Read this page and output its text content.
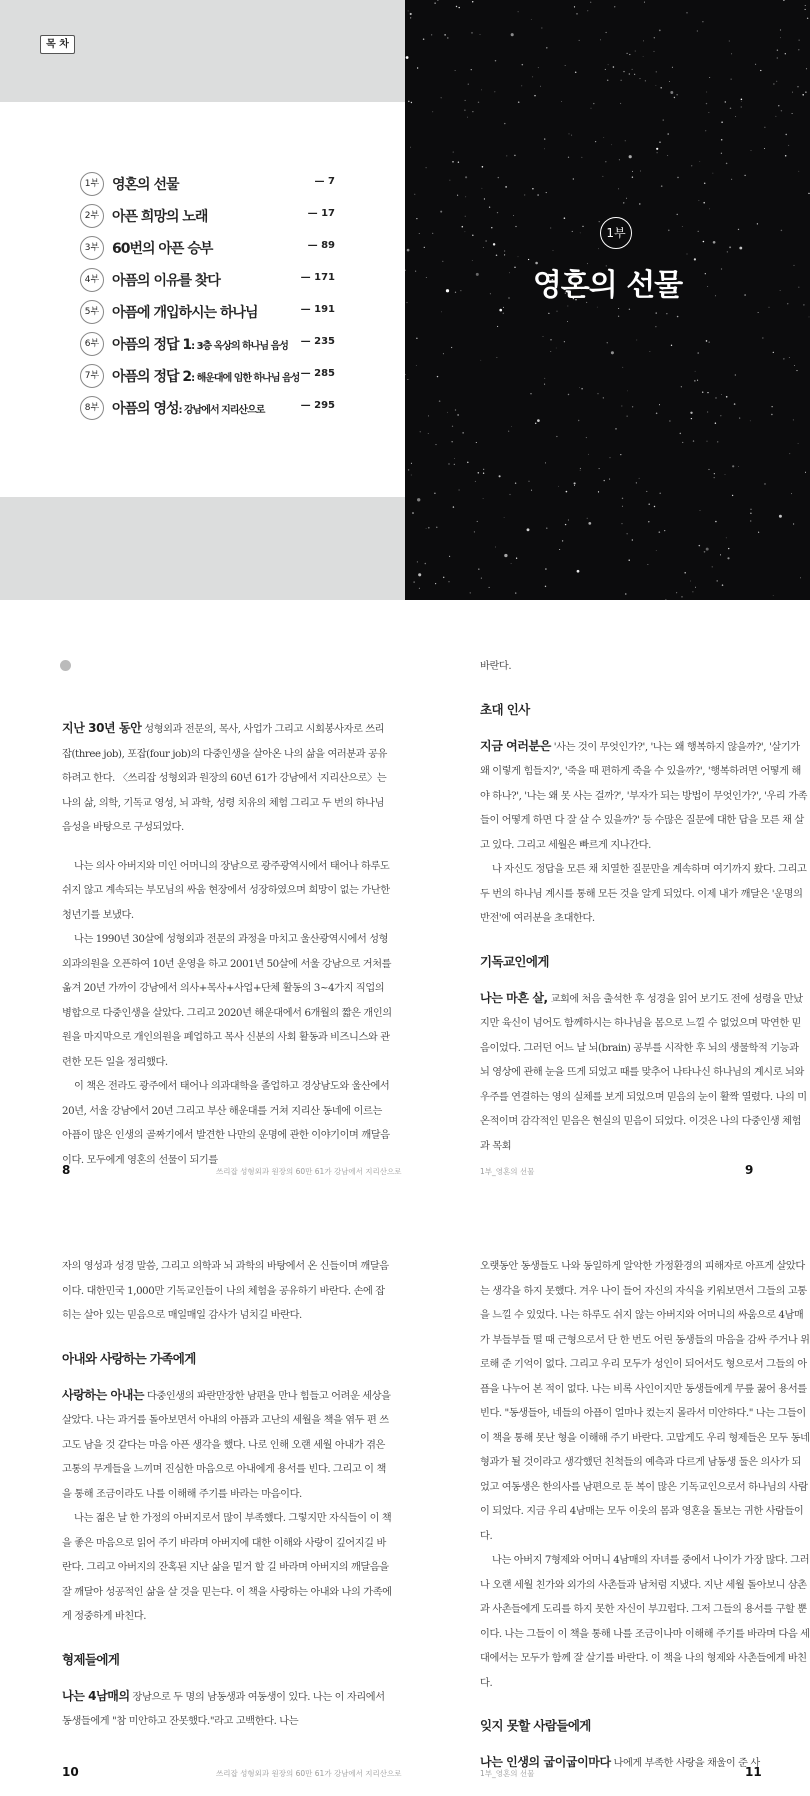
목 차
1부 영혼의 선물	— 7
2부 아픈 희망의 노래	— 17
3부 60번의 아픈 승부	— 89
4부 아픔의 이유를 찾다	— 171
5부 아픔에 개입하시는 하나님	— 191
6부 아픔의 정답 1: 3층 옥상의 하나님 음성 — 235
7부 아픔의 정답 2: 해운대에 임한 하나님 음성 — 285
8부 아픔의 영성: 강남에서 지리산으로	— 295
1부
영혼의 선물

지난 30년 동안 성형외과 전문의, 목사, 사업가 그리고 시회봉사자로 쓰리잡(three job), 포잡(four job)의 다중인생을 살아온 나의 삶을 여러분과 공유하려고 한다. 〈쓰리잡 성형외과 원장의 60년 61가 강남에서 지리산으로〉는 나의 삶, 의학, 기독교 영성, 뇌 과학, 성령 치유의 체험 그리고 두 번의 하나님 음성을 바탕으로 구성되었다.

나는 의사 아버지와 미인 어머니의 장남으로 광주광역시에서 태어나 하루도 쉬지 않고 계속되는 부모님의 싸움 현장에서 성장하였으며 희망이 없는 가난한 청년기를 보냈다.

나는 1990년 30살에 성형외과 전문의 과정을 마치고 울산광역시에서 성형외과의원을 오픈하여 10년 운영을 하고 2001년 50살에 서울 강남으로 거처를 옮겨 20년 가까이 강남에서 의사+목사+사업+단체 활동의 3~4가지 직업의 병합으로 다중인생을 살았다. 그리고 2020년 해운대에서 6개월의 짧은 개인의원을 마지막으로 개인의원을 폐업하고 목사 신분의 사회 활동과 비즈니스와 관련한 모든 일을 정리했다.

이 책은 전라도 광주에서 태어나 의과대학을 졸업하고 경상남도와 울산에서 20년, 서울 강남에서 20년 그리고 부산 해운대를 거쳐 지리산 동네에 이르는 아픔이 많은 인생의 골짜기에서 발견한 나만의 운명에 관한 이야기이며 깨달음이다. 모두에게 영혼의 선물이 되기를

8	쓰리잡 성형외과 원장의 60만 61가 강남에서 지리산으로

바란다.

초대 인사

지금 여러분은 '사는 것이 무엇인가?', '나는 왜 행복하지 않을까?', '살기가 왜 이렇게 힘들지?', '죽을 때 편하게 죽을 수 있을까?', '행복하려면 어떻게 해야 하나?', '나는 왜 못 사는 걸까?', '부자가 되는 방법이 무엇인가?', '우리 가족들이 어떻게 하면 다 잘 살 수 있을까?' 등 수많은 질문에 대한 답을 모른 채 살고 있다. 그리고 세월은 빠르게 지나간다.

나 자신도 정답을 모른 채 치열한 질문만을 계속하며 여기까지 왔다. 그리고 두 번의 하나님 계시를 통해 모든 것을 알게 되었다. 이제 내가 깨달은 '운명의 반전'에 여러분을 초대한다.

기독교인에게

나는 마흔 살, 교회에 처음 출석한 후 성경을 읽어 보기도 전에 성령을 만났지만 육신이 넘어도 함께하시는 하나님을 몸으로 느낄 수 없었으며 막연한 믿음이었다. 그러던 어느 날 뇌(brain) 공부를 시작한 후 뇌의 생물학적 기능과 뇌 영상에 관해 눈을 뜨게 되었고 때를 맞추어 나타나신 하나님의 계시로 뇌와 우주를 연결하는 영의 실체를 보게 되었으며 믿음의 눈이 활짝 열렸다. 나의 미온적이며 감각적인 믿음은 현실의 믿음이 되었다. 이것은 나의 다중인생 체험과 목회

1부_영혼의 선물	9

자의 영성과 성경 말씀, 그리고 의학과 뇌 과학의 바탕에서 온 신들이며 깨달음이다. 대한민국 1,000만 기독교인들이 나의 체험을 공유하기 바란다. 손에 잡히는 살아 있는 믿음으로 매일매일 감사가 넘치길 바란다.

아내와 사랑하는 가족에게

사랑하는 아내는 다중인생의 파란만장한 남편을 만나 힘들고 어려운 세상을 살았다. 나는 과거를 돌아보면서 아내의 아픔과 고난의 세월을 책을 엮두 편 쓰고도 남을 것 같다는 마음 아픈 생각을 했다. 나로 인해 오랜 세월 아내가 겪은 고통의 무게들을 느끼며 진심한 마음으로 아내에게 용서를 빈다. 그리고 이 책을 통해 조금이라도 나를 이해해 주기를 바라는 마음이다.

나는 젊은 날 한 가정의 아버지로서 많이 부족했다. 그렇지만 자식들이 이 책을 좋은 마음으로 읽어 주기 바라며 아버지에 대한 이해와 사랑이 깊어지길 바란다. 그리고 아버지의 잔혹된 지난 삶을 밑거 할 길 바라며 아버지의 깨달음을 잘 깨달아 성공적인 삶을 살 것을 믿는다. 이 책을 사랑하는 아내와 나의 가족에게 정중하게 바친다.

형제들에게

나는 4남매의 장남으로 두 명의 남동생과 여동생이 있다. 나는 이 자리에서 동생들에게 "참 미안하고 잔못했다."라고 고백한다. 나는

10	쓰리잡 성형외과 원장의 60만 61가 강남에서 지리산으로

오랫동안 동생들도 나와 동일하게 알악한 가정환경의 피해자로 아프게 살았다는 생각을 하지 못했다. 겨우 나이 들어 자신의 자식을 키워보면서 그들의 고통을 느낄 수 있었다. 나는 하루도 쉬지 않는 아버지와 어머니의 싸움으로 4남매가 부들부들 떨 때 근형으로서 단 한 번도 어린 동생들의 마음을 감싸 주거나 위로해 준 기억이 없다. 그리고 우리 모두가 성인이 되어서도 형으로서 그들의 아픔을 나누어 본 적이 없다. 나는 비록 사인이지만 동생들에게 무릎 꿇어 용서를 빈다. "동생들아, 네들의 아픔이 얼마나 컸는지 몰라서 미안하다." 나는 그들이 이 책을 통해 못난 형을 이해해 주기 바란다. 고맙게도 우리 형제들은 모두 동네 형과가 될 것이라고 생각했던 친척들의 예측과 다르게 남동생 둘은 의사가 되었고 여동생은 한의사를 남편으로 둔 복이 많은 기독교인으로서 하나님의 사람이 되었다. 지금 우리 4남매는 모두 이웃의 몸과 영혼을 돌보는 귀한 사람들이다.

나는 아버지 7형제와 어머니 4남매의 자녀를 중에서 나이가 가장 많다. 그러나 오랜 세월 친가와 외가의 사촌들과 남처럼 지냈다. 지난 세월 돌아보니 삼촌과 사촌들에게 도리를 하지 못한 자신이 부끄럽다. 그저 그들의 용서를 구할 뿐이다. 나는 그들이 이 책을 통해 나를 조금이나마 이해해 주기를 바라며 다음 세대에서는 모두가 함께 잘 살기를 바란다. 이 책을 나의 형제와 사촌들에게 바친다.

잊지 못할 사람들에게

나는 인생의 굽이굽이마다 나에게 부족한 사랑을 채울이 준 사

1부_영혼의 선물	11
